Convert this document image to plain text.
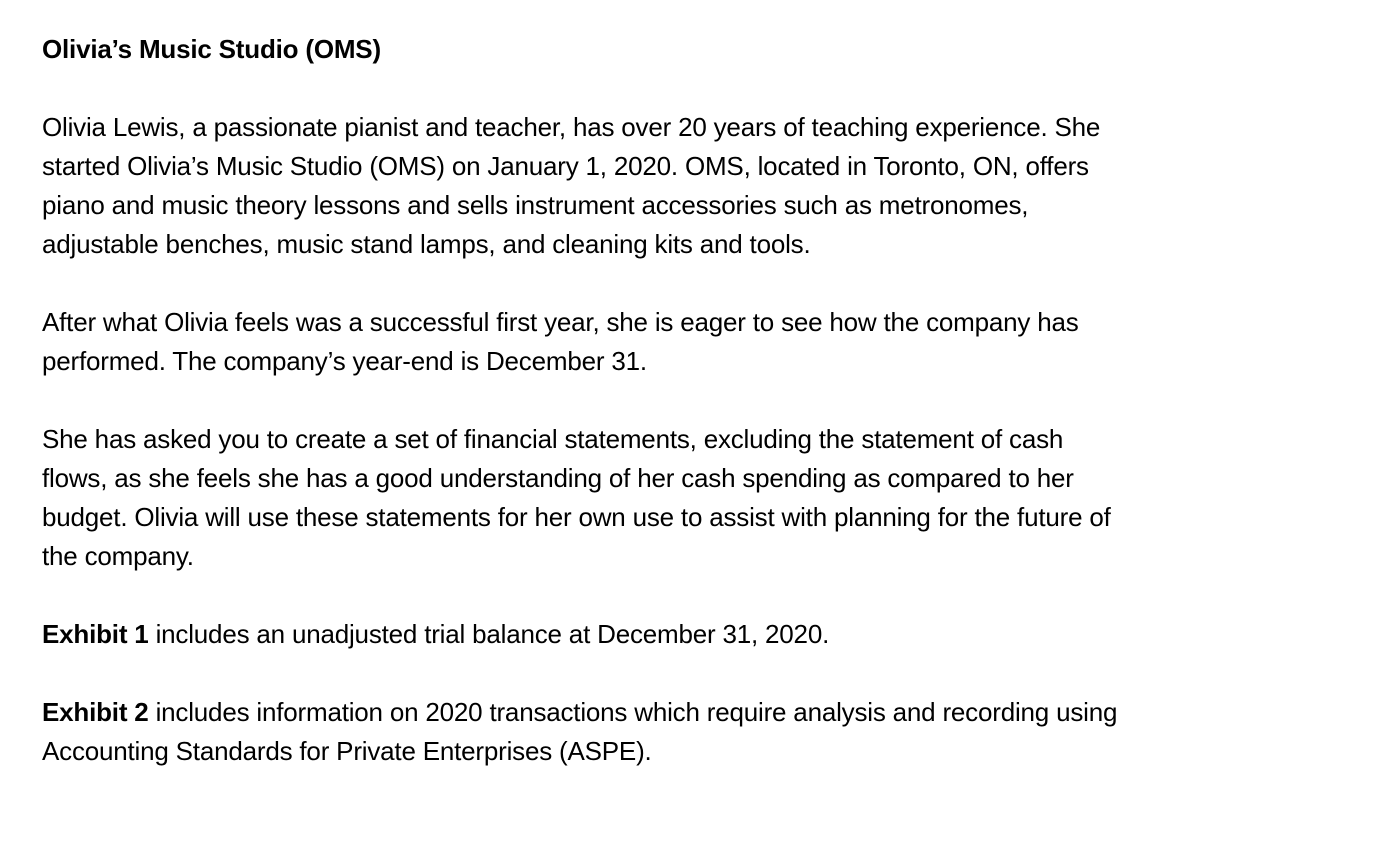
Olivia’s Music Studio (OMS)

Olivia Lewis, a passionate pianist and teacher, has over 20 years of teaching experience. She
started Olivia’s Music Studio (OMS) on January 1, 2020. OMS, located in Toronto, ON, offers
piano and music theory lessons and sells instrument accessories such as metronomes,
adjustable benches, music stand lamps, and cleaning kits and tools.

After what Olivia feels was a successful first year, she is eager to see how the company has
performed. The company’s year-end is December 31.

She has asked you to create a set of financial statements, excluding the statement of cash
flows, as she feels she has a good understanding of her cash spending as compared to her
budget. Olivia will use these statements for her own use to assist with planning for the future of
the company.

Exhibit 1 includes an unadjusted trial balance at December 31, 2020.

Exhibit 2 includes information on 2020 transactions which require analysis and recording using
Accounting Standards for Private Enterprises (ASPE).
